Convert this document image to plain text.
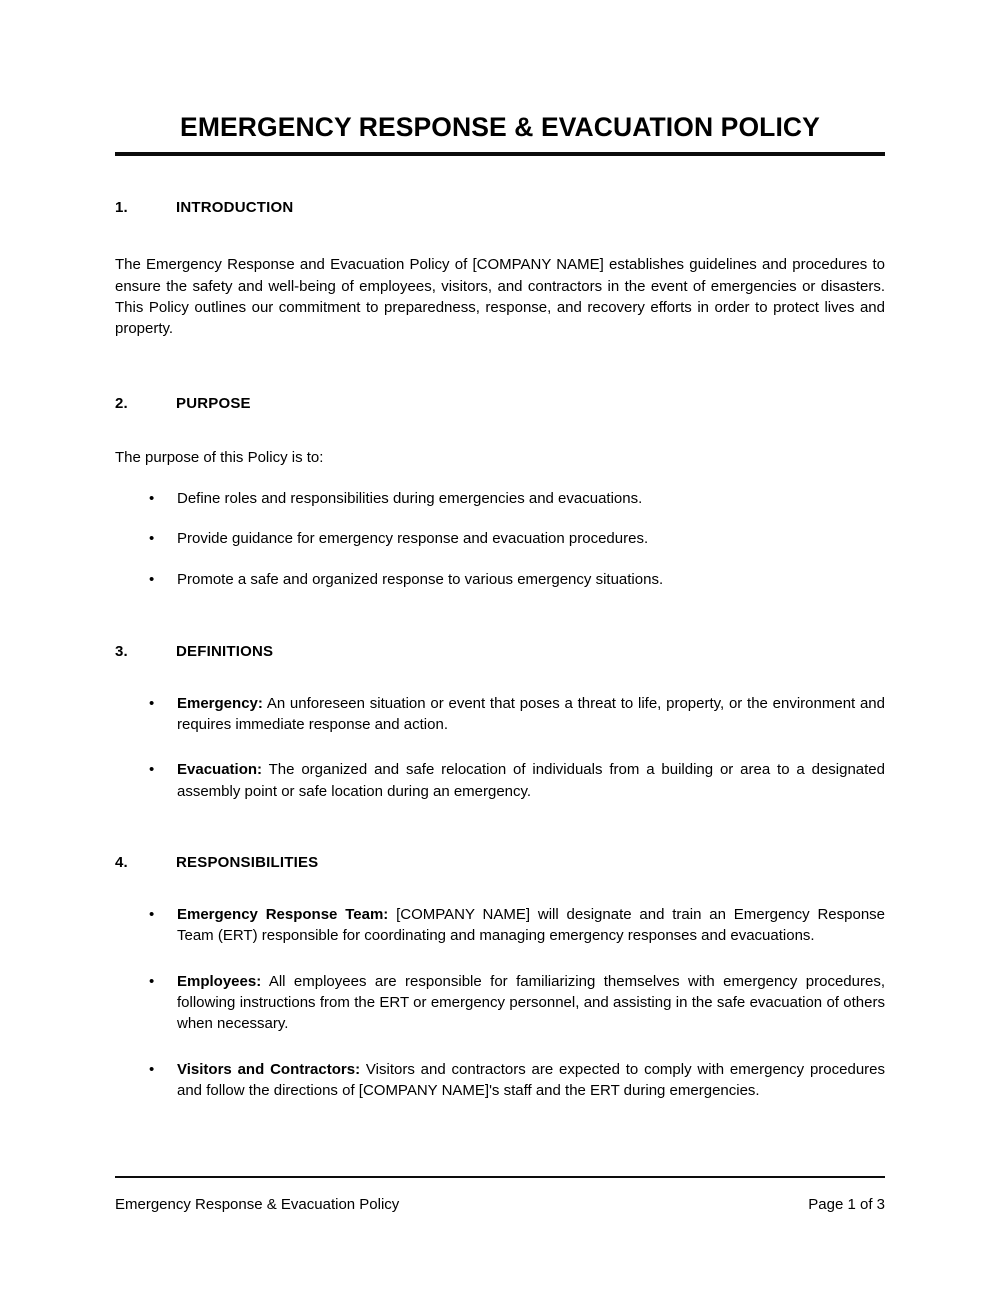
EMERGENCY RESPONSE & EVACUATION POLICY
1.	INTRODUCTION

The Emergency Response and Evacuation Policy of [COMPANY NAME] establishes guidelines and procedures to ensure the safety and well-being of employees, visitors, and contractors in the event of emergencies or disasters. This Policy outlines our commitment to preparedness, response, and recovery efforts in order to protect lives and property.

2.	PURPOSE

The purpose of this Policy is to:

• Define roles and responsibilities during emergencies and evacuations.
• Provide guidance for emergency response and evacuation procedures.
• Promote a safe and organized response to various emergency situations.
3.	DEFINITIONS
• Emergency: An unforeseen situation or event that poses a threat to life, property, or the environment and requires immediate response and action.
• Evacuation: The organized and safe relocation of individuals from a building or area to a designated assembly point or safe location during an emergency.
4.	RESPONSIBILITIES
• Emergency Response Team: [COMPANY NAME] will designate and train an Emergency Response Team (ERT) responsible for coordinating and managing emergency responses and evacuations.
• Employees: All employees are responsible for familiarizing themselves with emergency procedures, following instructions from the ERT or emergency personnel, and assisting in the safe evacuation of others when necessary.
• Visitors and Contractors: Visitors and contractors are expected to comply with emergency procedures and follow the directions of [COMPANY NAME]'s staff and the ERT during emergencies.
Emergency Response & Evacuation Policy	Page 1 of 3
